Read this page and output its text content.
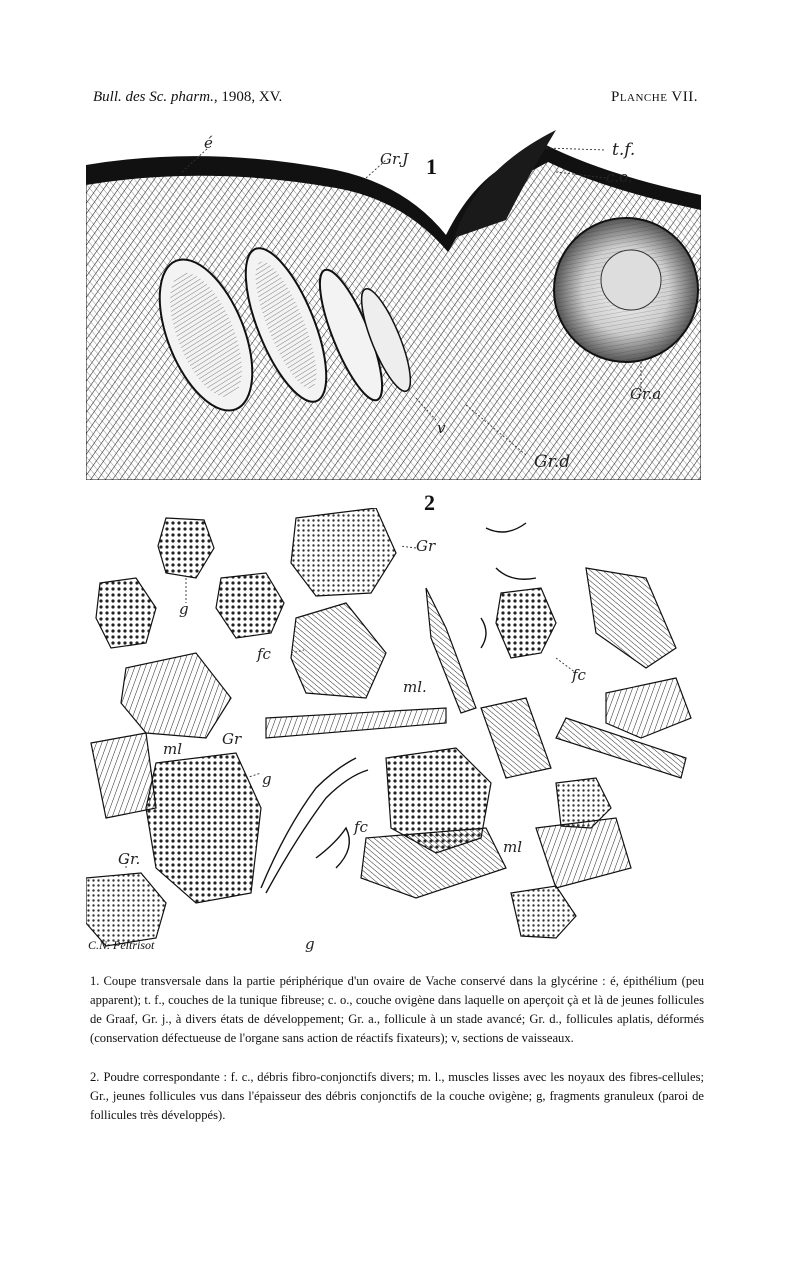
Bull. des Sc. pharm., 1908, XV.	Planche VII.
1
é
Gr.J	t.f.
c.o.
Gr.a
v
Gr.d
2
Gr
g
fc
ml.
fc
ml
Gr
g
fc
ml
Gr.
g
C.N. Peltrisot
1. Coupe transversale dans la partie périphérique d'un ovaire de Vache conservé dans la glycérine : é, épithélium (peu apparent); t. f., couches de la tunique fibreuse; c. o., couche ovigène dans laquelle on aperçoit çà et là de jeunes follicules de Graaf, Gr. j., à divers états de développement; Gr. a., follicule à un stade avancé; Gr. d., follicules aplatis, déformés (conservation défectueuse de l'organe sans action de réactifs fixateurs); v, sections de vaisseaux.
2. Poudre correspondante : f. c., débris fibro-conjonctifs divers; m. l., muscles lisses avec les noyaux des fibres-cellules; Gr., jeunes follicules vus dans l'épaisseur des débris conjonctifs de la couche ovigène; g, fragments granuleux (paroi de follicules très développés).
